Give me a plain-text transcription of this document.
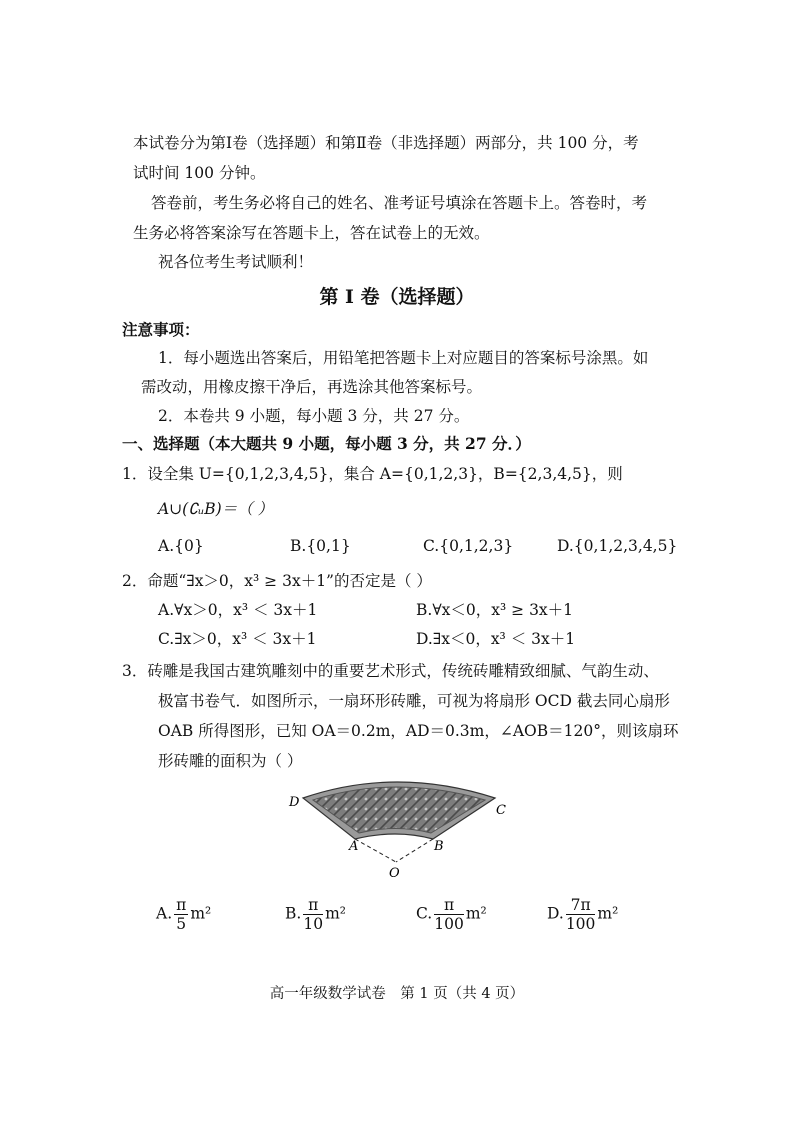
本试卷分为第Ⅰ卷（选择题）和第Ⅱ卷（非选择题）两部分，共 100 分，考
试时间 100 分钟。
答卷前，考生务必将自己的姓名、准考证号填涂在答题卡上。答卷时，考
生务必将答案涂写在答题卡上，答在试卷上的无效。
祝各位考生考试顺利！
第 I 卷（选择题）
注意事项：
1．每小题选出答案后，用铅笔把答题卡上对应题目的答案标号涂黑。如
需改动，用橡皮擦干净后，再选涂其他答案标号。
2．本卷共 9 小题，每小题 3 分，共 27 分。
一、选择题（本大题共 9 小题，每小题 3 分，共 27 分．）
1．设全集 U={0,1,2,3,4,5}，集合 A={0,1,2,3}，B={2,3,4,5}，则
A∪(∁ᵤB)＝（ ）
A.{0}	B.{0,1}	C.{0,1,2,3}	D.{0,1,2,3,4,5}
2．命题“∃x＞0，x³ ≥ 3x＋1”的否定是（ ）
A.∀x＞0，x³ ＜ 3x＋1	B.∀x＜0，x³ ≥ 3x＋1
C.∃x＞0，x³ ＜ 3x＋1	D.∃x＜0，x³ ＜ 3x＋1
3．砖雕是我国古建筑雕刻中的重要艺术形式，传统砖雕精致细腻、气韵生动、
极富书卷气．如图所示，一扇环形砖雕，可视为将扇形 OCD 截去同心扇形
OAB 所得图形，已知 OA＝0.2m，AD＝0.3m，∠AOB＝120°，则该扇环
形砖雕的面积为（ ）
D
C
A	B
O
A. $\frac{\pi}{5} m^2$	B. $\frac{\pi}{10} m^2$	C. $\frac{\pi}{100} m^2$	D. $\frac{7\pi}{100} m^2$
高一年级数学试卷　第 1 页（共 4 页）
